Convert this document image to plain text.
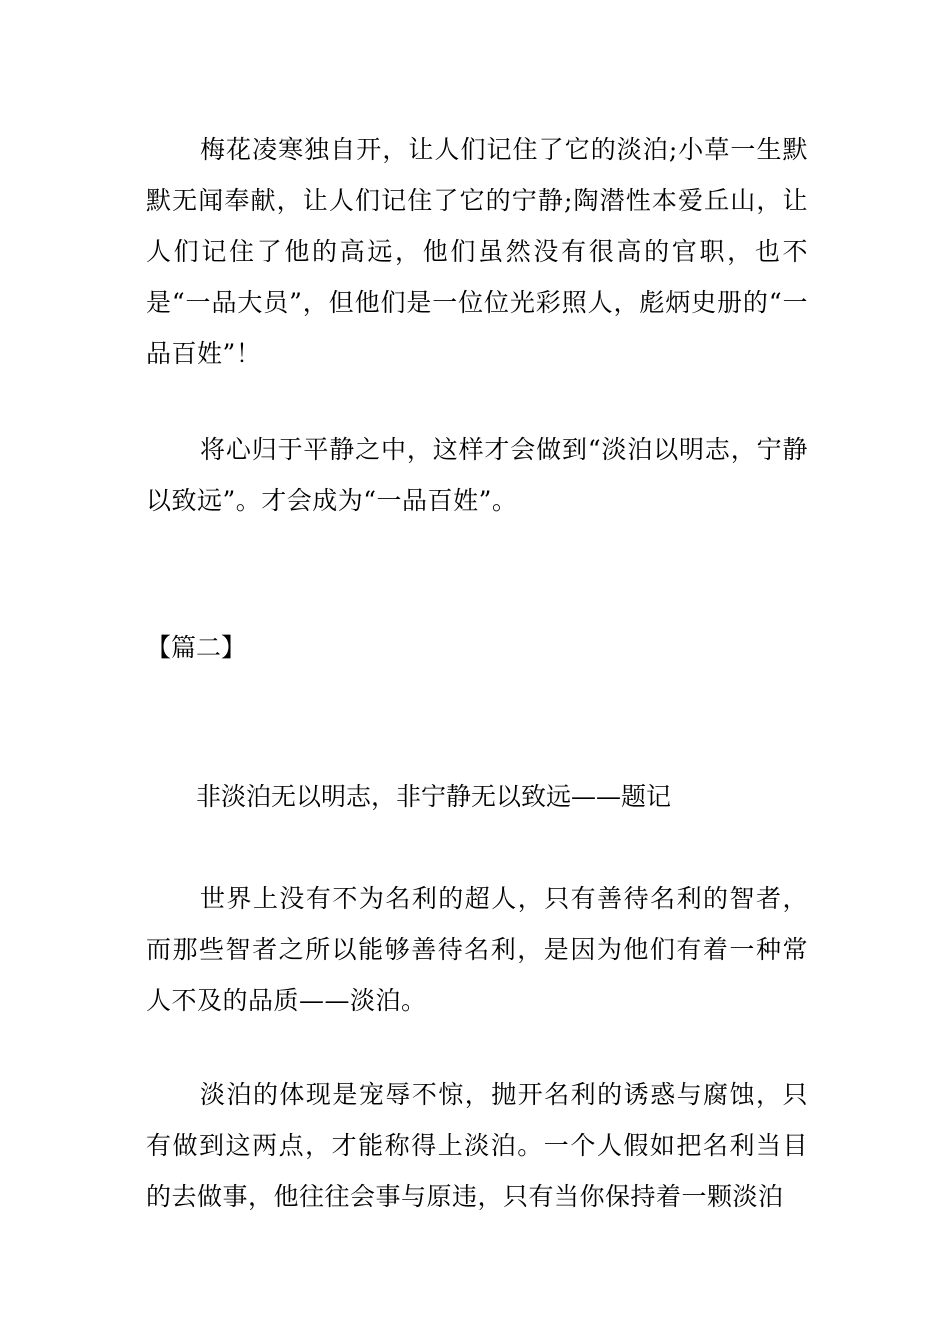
梅花凌寒独自开，让人们记住了它的淡泊;小草一生默默无闻奉献，让人们记住了它的宁静;陶潜性本爱丘山，让人们记住了他的高远，他们虽然没有很高的官职，也不是“一品大员”，但他们是一位位光彩照人，彪炳史册的“一品百姓”！

将心归于平静之中，这样才会做到“淡泊以明志，宁静以致远”。才会成为“一品百姓”。

【篇二】

非淡泊无以明志，非宁静无以致远——题记

世界上没有不为名利的超人，只有善待名利的智者，而那些智者之所以能够善待名利，是因为他们有着一种常人不及的品质——淡泊。

淡泊的体现是宠辱不惊，抛开名利的诱惑与腐蚀，只有做到这两点，才能称得上淡泊。一个人假如把名利当目的去做事，他往往会事与原违，只有当你保持着一颗淡泊
